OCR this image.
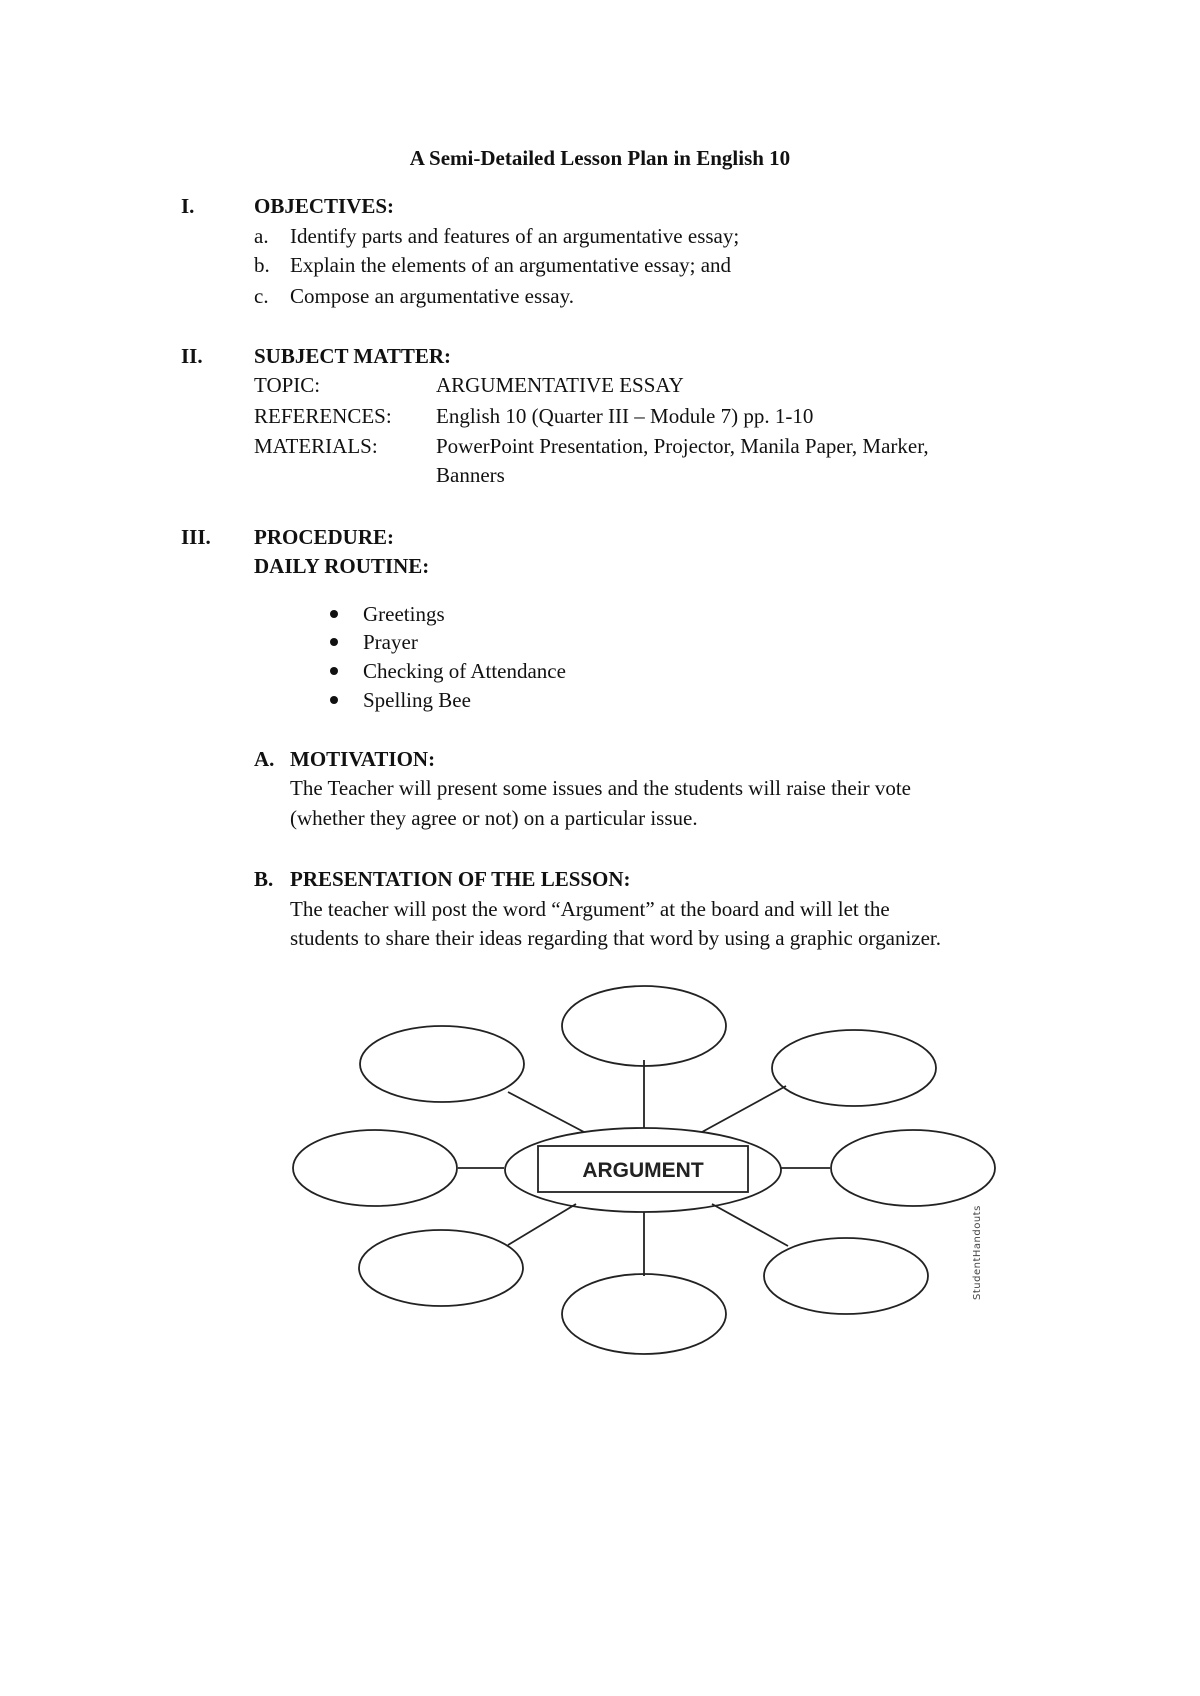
A Semi-Detailed Lesson Plan in English 10
I.	OBJECTIVES:
a. Identify parts and features of an argumentative essay;
b. Explain the elements of an argumentative essay; and
c. Compose an argumentative essay.
II. SUBJECT MATTER:
TOPIC:	ARGUMENTATIVE ESSAY
REFERENCES: English 10 (Quarter III – Module 7) pp. 1-10
MATERIALS:	PowerPoint Presentation, Projector, Manila Paper, Marker,
Banners
III. PROCEDURE:
DAILY ROUTINE:
Greetings
Prayer
Checking of Attendance
Spelling Bee
A. MOTIVATION:
The Teacher will present some issues and the students will raise their vote
(whether they agree or not) on a particular issue.
B. PRESENTATION OF THE LESSON:
The teacher will post the word “Argument” at the board and will let the
students to share their ideas regarding that word by using a graphic organizer.
ARGUMENT
StudentHandouts
